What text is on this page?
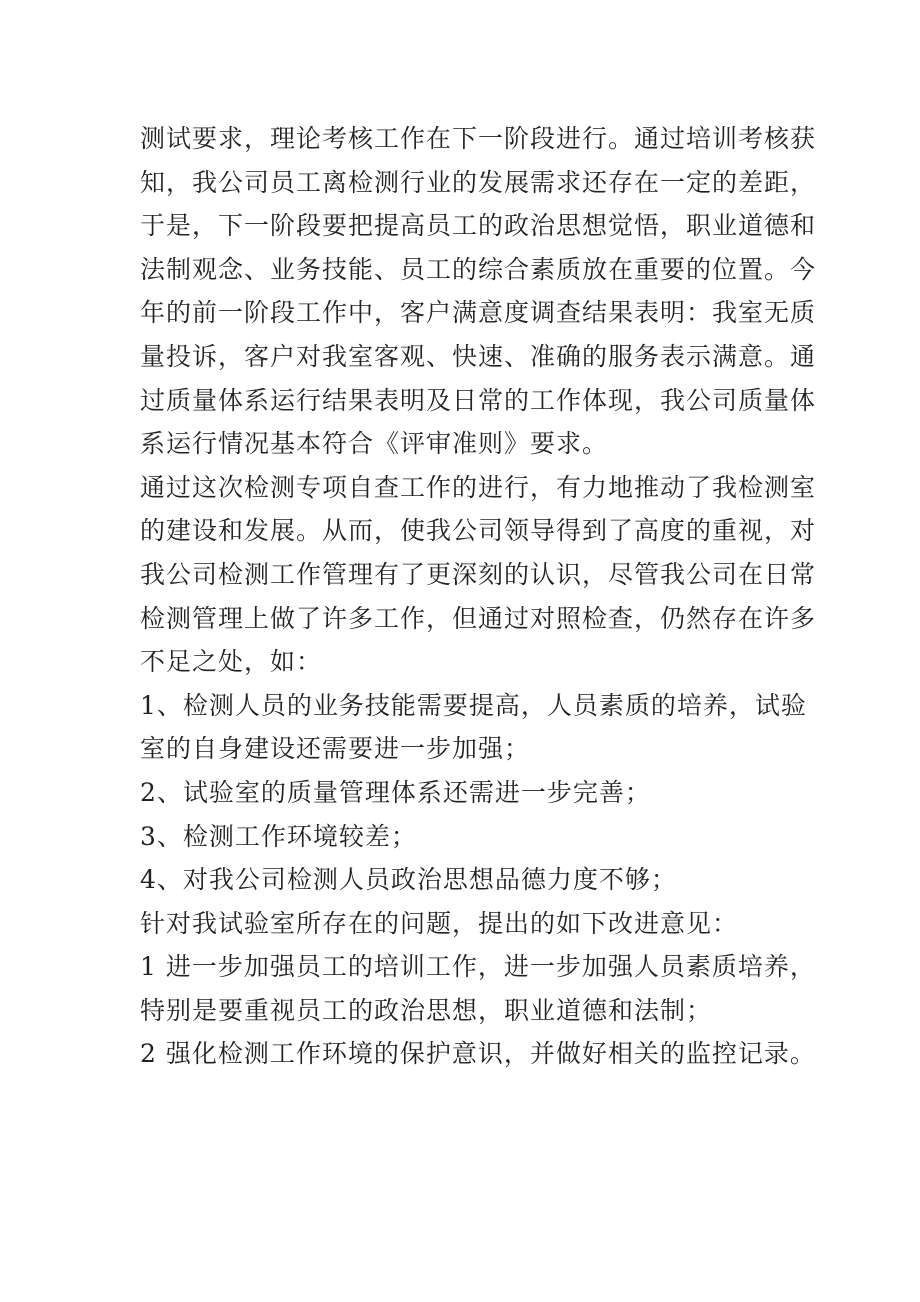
测试要求，理论考核工作在下一阶段进行。通过培训考核获
知，我公司员工离检测行业的发展需求还存在一定的差距，
于是，下一阶段要把提高员工的政治思想觉悟，职业道德和
法制观念、业务技能、员工的综合素质放在重要的位置。今
年的前一阶段工作中，客户满意度调查结果表明：我室无质
量投诉，客户对我室客观、快速、准确的服务表示满意。通
过质量体系运行结果表明及日常的工作体现，我公司质量体
系运行情况基本符合《评审准则》要求。
通过这次检测专项自查工作的进行，有力地推动了我检测室
的建设和发展。从而，使我公司领导得到了高度的重视，对
我公司检测工作管理有了更深刻的认识，尽管我公司在日常
检测管理上做了许多工作，但通过对照检查，仍然存在许多
不足之处，如：
1、检测人员的业务技能需要提高，人员素质的培养，试验
室的自身建设还需要进一步加强；
2、试验室的质量管理体系还需进一步完善；
3、检测工作环境较差；
4、对我公司检测人员政治思想品德力度不够；
针对我试验室所存在的问题，提出的如下改进意见：
1 进一步加强员工的培训工作，进一步加强人员素质培养，
特别是要重视员工的政治思想，职业道德和法制；
2 强化检测工作环境的保护意识，并做好相关的监控记录。
